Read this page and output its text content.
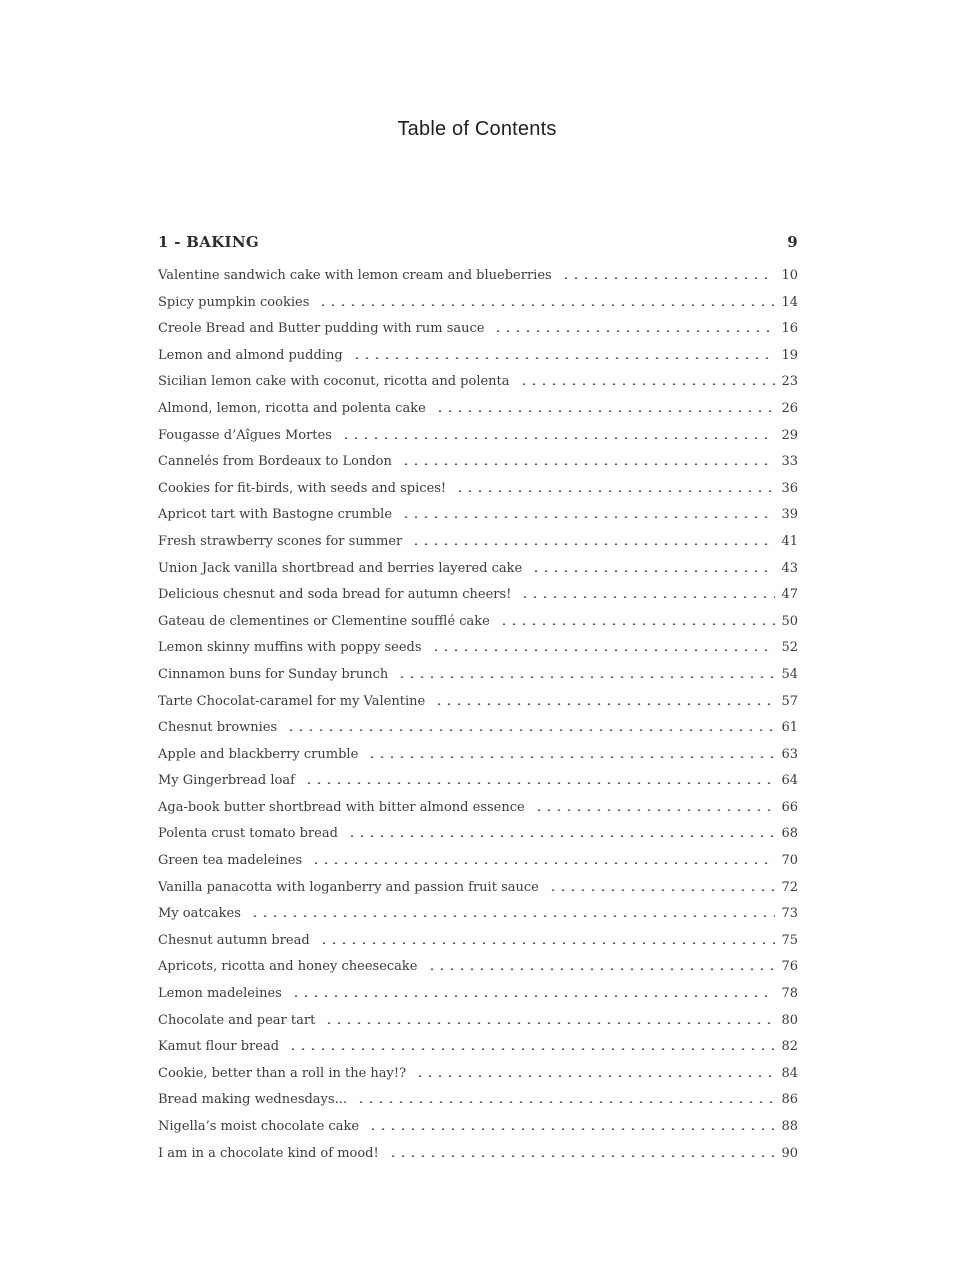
Table of Contents
1 - BAKING	9
Valentine sandwich cake with lemon cream and blueberries	10
Spicy pumpkin cookies	14
Creole Bread and Butter pudding with rum sauce	16
Lemon and almond pudding	19
Sicilian lemon cake with coconut, ricotta and polenta	23
Almond, lemon, ricotta and polenta cake	26
Fougasse d’Aîgues Mortes	29
Cannelés from Bordeaux to London	33
Cookies for fit-birds, with seeds and spices!	36
Apricot tart with Bastogne crumble	39
Fresh strawberry scones for summer	41
Union Jack vanilla shortbread and berries layered cake	43
Delicious chesnut and soda bread for autumn cheers!	47
Gateau de clementines or Clementine soufflé cake	50
Lemon skinny muffins with poppy seeds	52
Cinnamon buns for Sunday brunch	54
Tarte Chocolat-caramel for my Valentine	57
Chesnut brownies	61
Apple and blackberry crumble	63
My Gingerbread loaf	64
Aga-book butter shortbread with bitter almond essence	66
Polenta crust tomato bread	68
Green tea madeleines	70
Vanilla panacotta with loganberry and passion fruit sauce	72
My oatcakes	73
Chesnut autumn bread	75
Apricots, ricotta and honey cheesecake	76
Lemon madeleines	78
Chocolate and pear tart	80
Kamut flour bread	82
Cookie, better than a roll in the hay!?	84
Bread making wednesdays...	86
Nigella’s moist chocolate cake	88
I am in a chocolate kind of mood!	90
